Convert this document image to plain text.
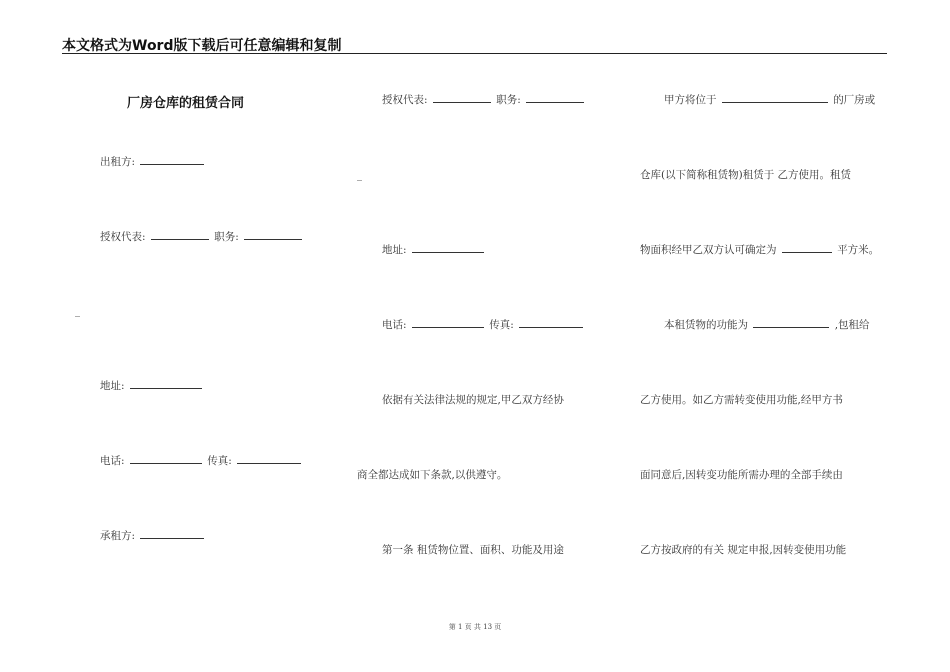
本文格式为Word版下载后可任意编辑和复制
厂房仓库的租赁合同
出租方:
授权代表:	职务:
_
地址:
电话:	传真:
承租方:
授权代表:	职务:
_
地址:
电话:	传真:
依据有关法律法规的规定,甲乙双方经协
商全都达成如下条款,以供遵守。
第一条 租赁物位置、面积、功能及用途
甲方将位于	的厂房或
仓库(以下简称租赁物)租赁于 乙方使用。租赁
物面积经甲乙双方认可确定为	平方米。
本租赁物的功能为	,包租给
乙方使用。如乙方需转变使用功能,经甲方书
面同意后,因转变功能所需办理的全部手续由
乙方按政府的有关 规定申报,因转变使用功能
第 1 页 共 13 页
